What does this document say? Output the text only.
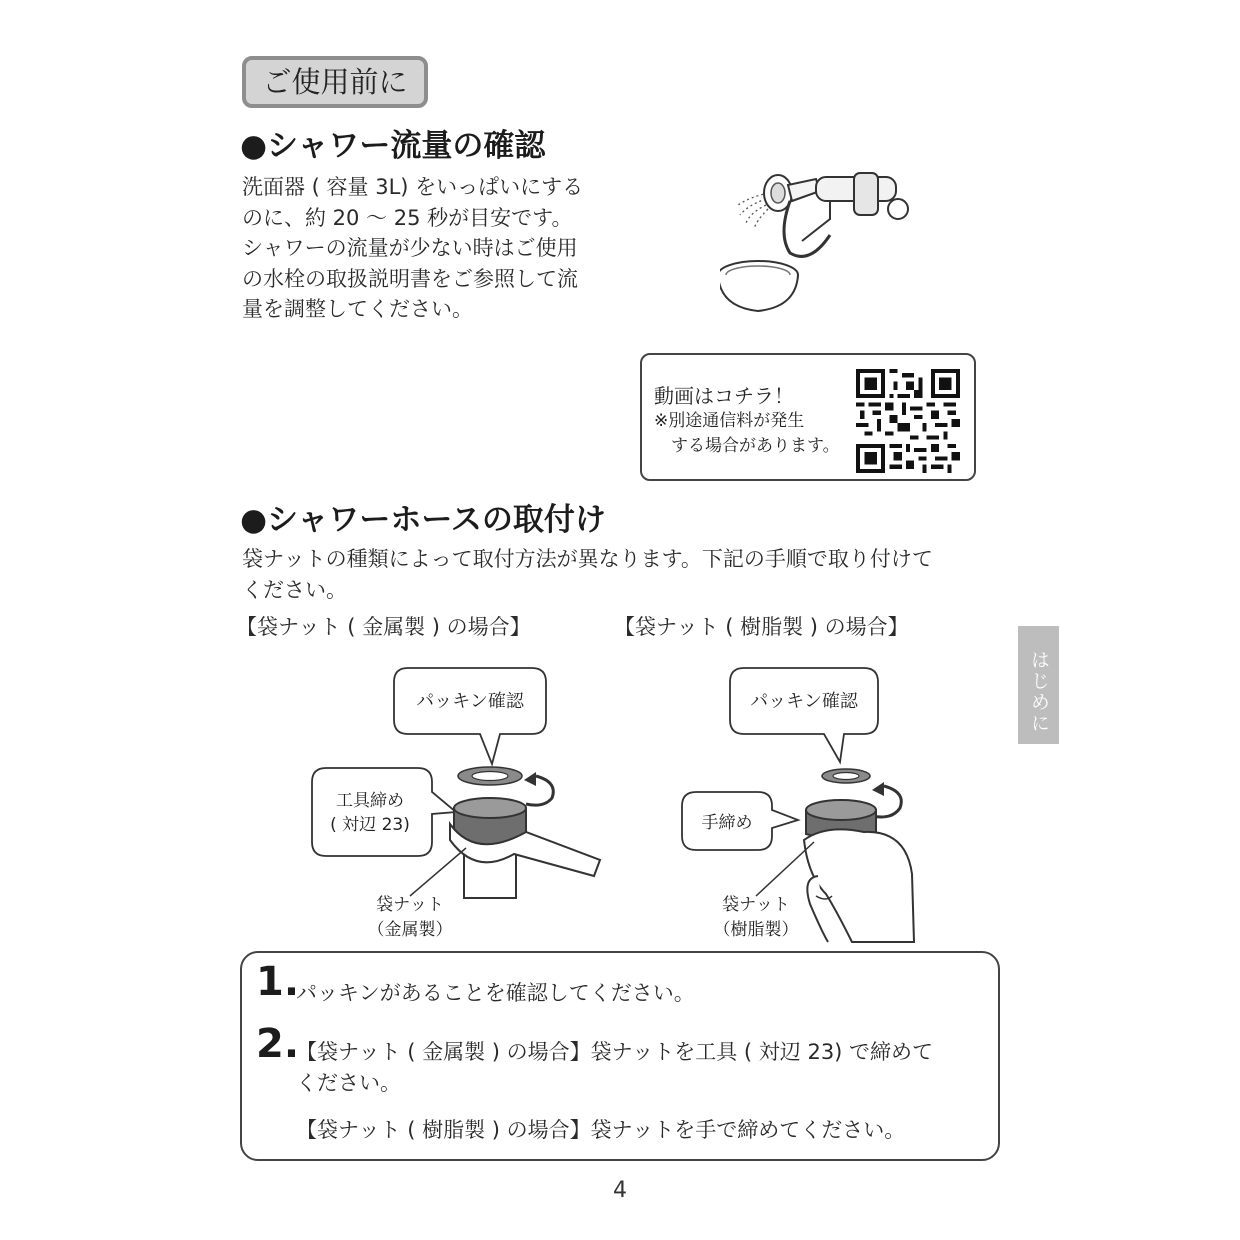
ご使用前に
●シャワー流量の確認
洗面器 ( 容量 3L) をいっぱいにする
のに、約 20 ～ 25 秒が目安です。
シャワーの流量が少ない時はご使用
の水栓の取扱説明書をご参照して流
量を調整してください。
動画はコチラ！
※別途通信料が発生
　する場合があります。
●シャワーホースの取付け
袋ナットの種類によって取付方法が異なります。下記の手順で取り付けて
ください。
【袋ナット ( 金属製 ) の場合】	【袋ナット ( 樹脂製 ) の場合】
パッキン確認
工具締め
( 対辺 23)
袋ナット
（金属製）
パッキン確認
手締め
袋ナット
（樹脂製）
はじめに
1.
パッキンがあることを確認してください。
2.
【袋ナット ( 金属製 ) の場合】袋ナットを工具 ( 対辺 23) で締めて
ください。
【袋ナット ( 樹脂製 ) の場合】袋ナットを手で締めてください。
4
